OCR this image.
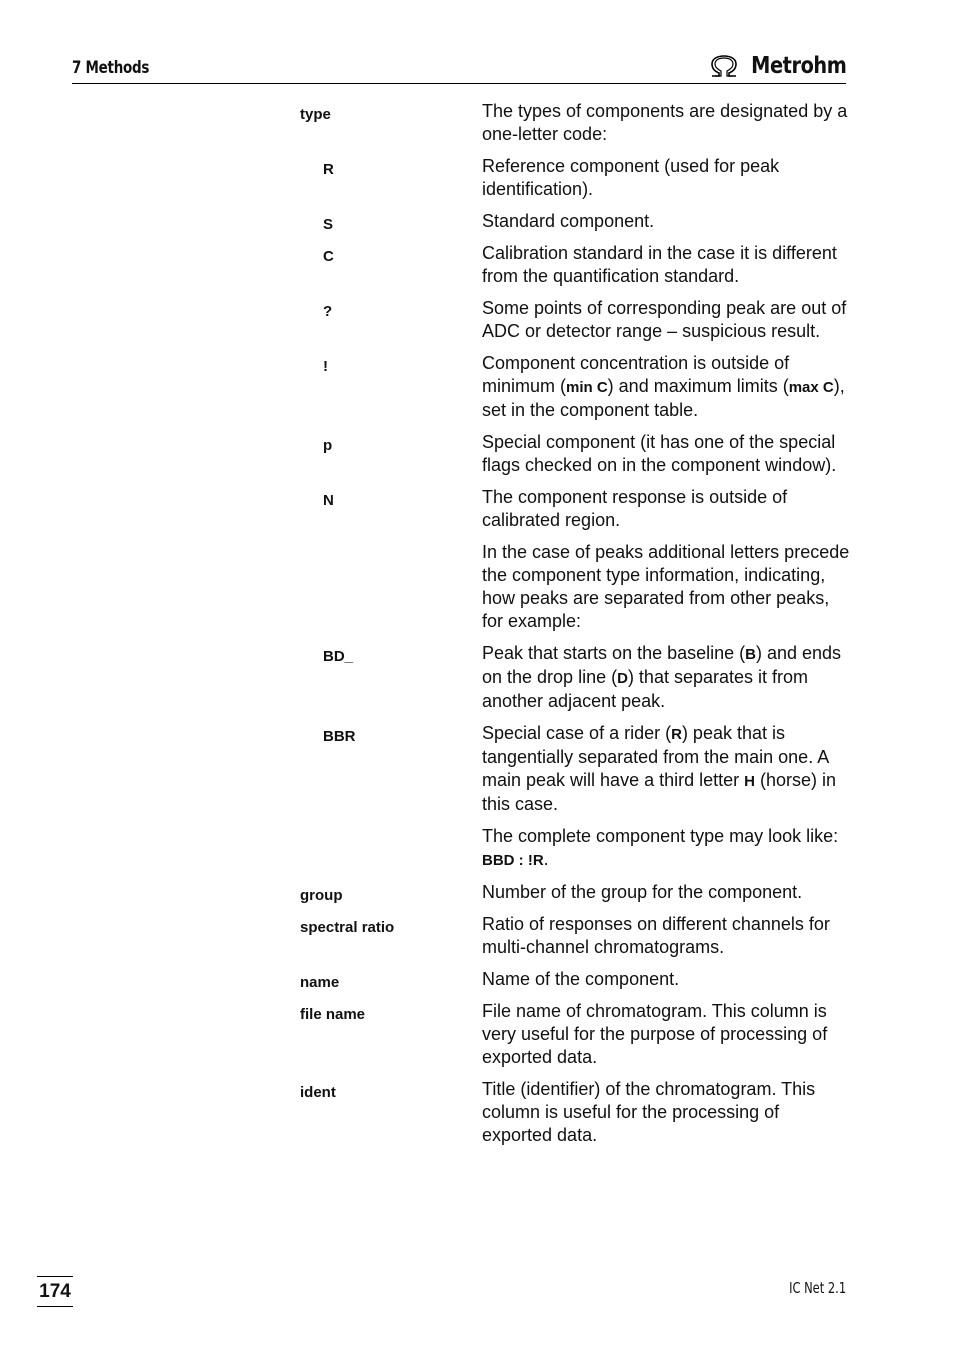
7 Methods	Metrohm
type	The types of components are designated by a one-letter code:
R	Reference component (used for peak identification).
S	Standard component.
C	Calibration standard in the case it is different from the quantification standard.
?	Some points of corresponding peak are out of ADC or detector range – suspicious result.
!	Component concentration is outside of minimum (min C) and maximum limits (max C), set in the component table.
p	Special component (it has one of the special flags checked on in the component window).
N	The component response is outside of calibrated region.
In the case of peaks additional letters precede the component type information, indicating, how peaks are separated from other peaks, for example:
BD_	Peak that starts on the baseline (B) and ends on the drop line (D) that separates it from another adjacent peak.
BBR	Special case of a rider (R) peak that is tangentially separated from the main one. A main peak will have a third letter H (horse) in this case.
The complete component type may look like: BBD : !R.
group	Number of the group for the component.
spectral ratio	Ratio of responses on different channels for multi-channel chromatograms.
name	Name of the component.
file name	File name of chromatogram. This column is very useful for the purpose of processing of exported data.
ident	Title (identifier) of the chromatogram. This column is useful for the processing of exported data.
174	IC Net 2.1
